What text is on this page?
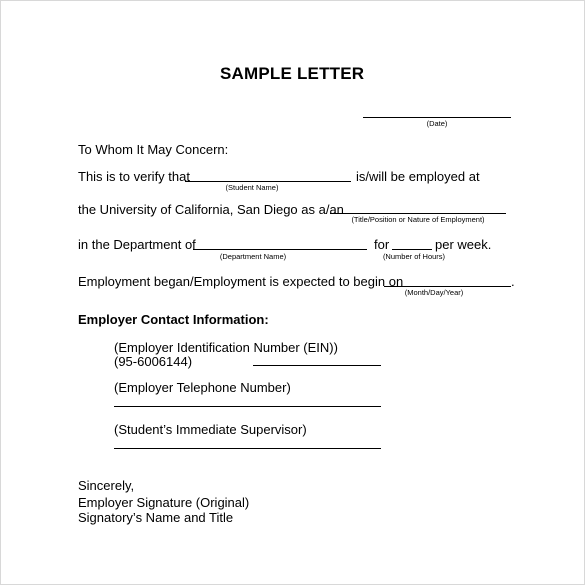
SAMPLE LETTER
(Date)
To Whom It May Concern:
This is to verify that
(Student Name)
is/will be employed at
the University of California, San Diego as a/an
(Title/Position or Nature of Employment)
in the Department of
(Department Name)
for
(Number of Hours)
per week.
Employment began/Employment is expected to begin on	.
(Month/Day/Year)
Employer Contact Information:
(Employer Identification Number (EIN))
(95-6006144)
(Employer Telephone Number)
(Student’s Immediate Supervisor)
Sincerely,
Employer Signature (Original)
Signatory’s Name and Title
